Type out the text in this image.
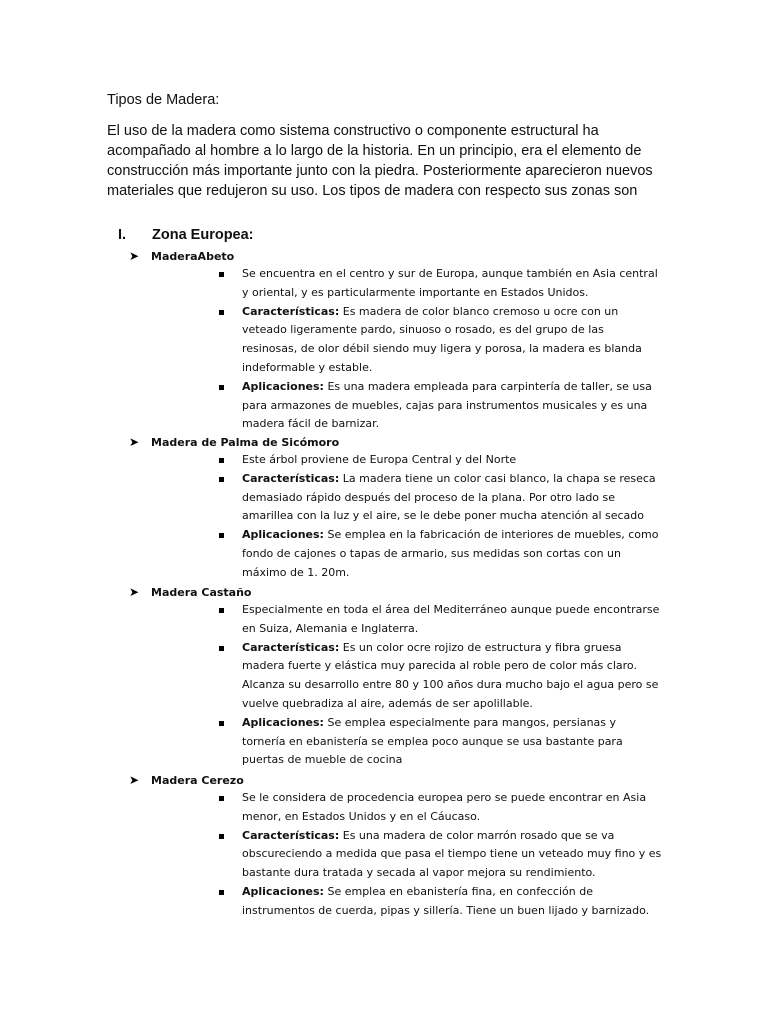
Tipos de Madera:

El uso de la madera como sistema constructivo o componente estructural ha acompañado al hombre a lo largo de la historia. En un principio, era el elemento de construcción más importante junto con la piedra. Posteriormente aparecieron nuevos materiales que redujeron su uso. Los tipos de madera con respecto sus zonas son

I. Zona Europea:
➤ MaderaAbeto
Se encuentra en el centro y sur de Europa, aunque también en Asia central y oriental, y es particularmente importante en Estados Unidos.
Características: Es madera de color blanco cremoso u ocre con un veteado ligeramente pardo, sinuoso o rosado, es del grupo de las resinosas, de olor débil siendo muy ligera y porosa, la madera es blanda indeformable y estable.
Aplicaciones: Es una madera empleada para carpintería de taller, se usa para armazones de muebles, cajas para instrumentos musicales y es una madera fácil de barnizar.
➤ Madera de Palma de Sicómoro
Este árbol proviene de Europa Central y del Norte
Características: La madera tiene un color casi blanco, la chapa se reseca demasiado rápido después del proceso de la plana. Por otro lado se amarillea con la luz y el aire, se le debe poner mucha atención al secado
Aplicaciones: Se emplea en la fabricación de interiores de muebles, como fondo de cajones o tapas de armario, sus medidas son cortas con un máximo de 1. 20m.
➤ Madera Castaño
Especialmente en toda el área del Mediterráneo aunque puede encontrarse en Suiza, Alemania e Inglaterra.
Características: Es un color ocre rojizo de estructura y fibra gruesa madera fuerte y elástica muy parecida al roble pero de color más claro. Alcanza su desarrollo entre 80 y 100 años dura mucho bajo el agua pero se vuelve quebradiza al aire, además de ser apolillable.
Aplicaciones: Se emplea especialmente para mangos, persianas y tornería en ebanistería se emplea poco aunque se usa bastante para puertas de mueble de cocina
➤ Madera Cerezo
Se le considera de procedencia europea pero se puede encontrar en Asia menor, en Estados Unidos y en el Cáucaso.
Características: Es una madera de color marrón rosado que se va obscureciendo a medida que pasa el tiempo tiene un veteado muy fino y es bastante dura tratada y secada al vapor mejora su rendimiento.
Aplicaciones: Se emplea en ebanistería fina, en confección de instrumentos de cuerda, pipas y sillería. Tiene un buen lijado y barnizado.
